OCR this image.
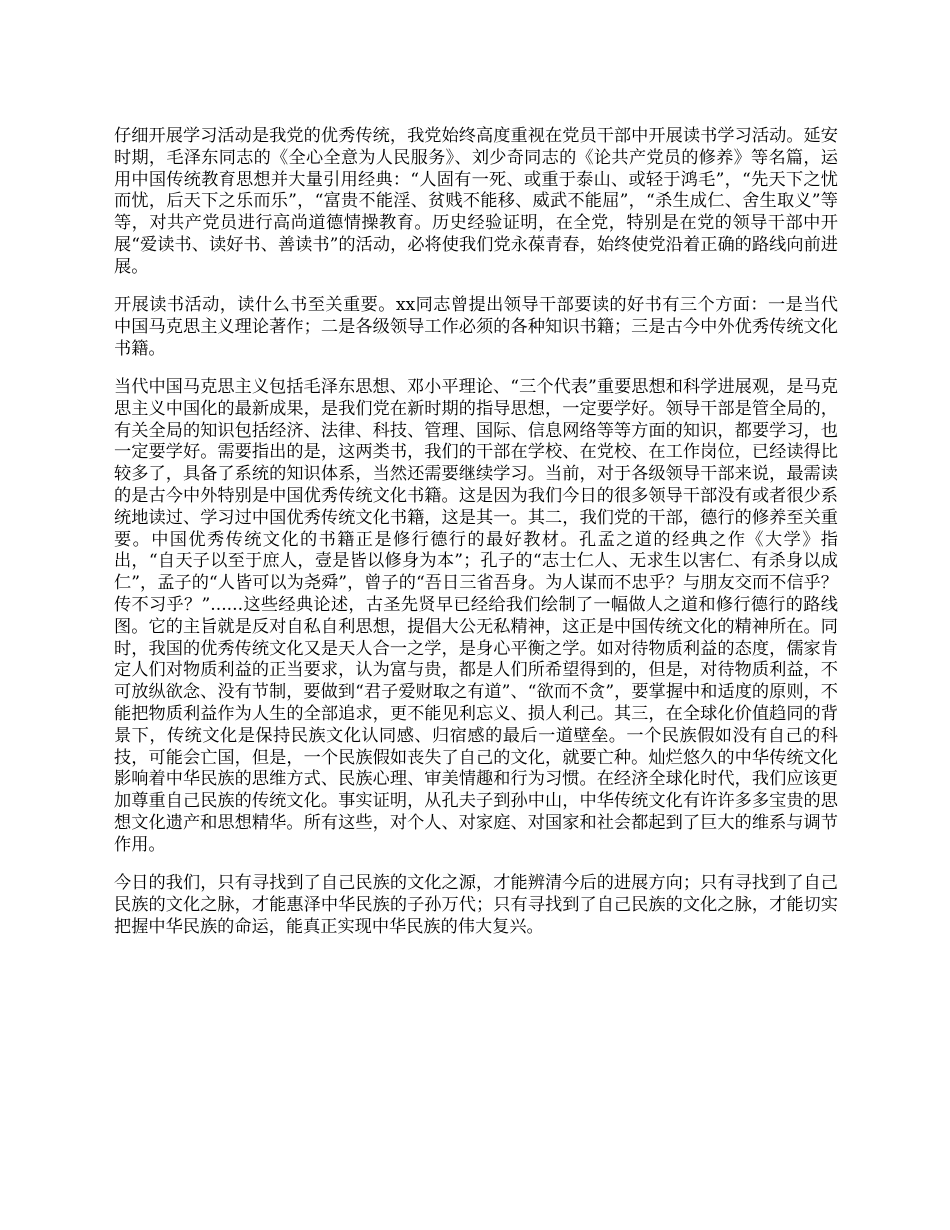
仔细开展学习活动是我党的优秀传统，我党始终高度重视在党员干部中开展读书学习活动。延安时期，毛泽东同志的《全心全意为人民服务》、刘少奇同志的《论共产党员的修养》等名篇，运用中国传统教育思想并大量引用经典：“人固有一死、或重于泰山、或轻于鸿毛”，“先天下之忧而忧，后天下之乐而乐”，“富贵不能淫、贫贱不能移、威武不能屈”，“杀生成仁、舍生取义”等等，对共产党员进行高尚道德情操教育。历史经验证明，在全党，特别是在党的领导干部中开展“爱读书、读好书、善读书”的活动，必将使我们党永葆青春，始终使党沿着正确的路线向前进展。

开展读书活动，读什么书至关重要。xx同志曾提出领导干部要读的好书有三个方面：一是当代中国马克思主义理论著作；二是各级领导工作必须的各种知识书籍；三是古今中外优秀传统文化书籍。

当代中国马克思主义包括毛泽东思想、邓小平理论、“三个代表”重要思想和科学进展观，是马克思主义中国化的最新成果，是我们党在新时期的指导思想，一定要学好。领导干部是管全局的，有关全局的知识包括经济、法律、科技、管理、国际、信息网络等等方面的知识，都要学习，也一定要学好。需要指出的是，这两类书，我们的干部在学校、在党校、在工作岗位，已经读得比较多了，具备了系统的知识体系，当然还需要继续学习。当前，对于各级领导干部来说，最需读的是古今中外特别是中国优秀传统文化书籍。这是因为我们今日的很多领导干部没有或者很少系统地读过、学习过中国优秀传统文化书籍，这是其一。其二，我们党的干部，德行的修养至关重要。中国优秀传统文化的书籍正是修行德行的最好教材。孔孟之道的经典之作《大学》指出，“自天子以至于庶人，壹是皆以修身为本”；孔子的“志士仁人、无求生以害仁、有杀身以成仁”，孟子的“人皆可以为尧舜”，曾子的“吾日三省吾身。为人谋而不忠乎？与朋友交而不信乎？传不习乎？”......这些经典论述，古圣先贤早已经给我们绘制了一幅做人之道和修行德行的路线图。它的主旨就是反对自私自利思想，提倡大公无私精神，这正是中国传统文化的精神所在。同时，我国的优秀传统文化又是天人合一之学，是身心平衡之学。如对待物质利益的态度，儒家肯定人们对物质利益的正当要求，认为富与贵，都是人们所希望得到的，但是，对待物质利益，不可放纵欲念、没有节制，要做到“君子爱财取之有道”、“欲而不贪”，要掌握中和适度的原则，不能把物质利益作为人生的全部追求，更不能见利忘义、损人利己。其三，在全球化价值趋同的背景下，传统文化是保持民族文化认同感、归宿感的最后一道壁垒。一个民族假如没有自己的科技，可能会亡国，但是，一个民族假如丧失了自己的文化，就要亡种。灿烂悠久的中华传统文化影响着中华民族的思维方式、民族心理、审美情趣和行为习惯。在经济全球化时代，我们应该更加尊重自己民族的传统文化。事实证明，从孔夫子到孙中山，中华传统文化有许许多多宝贵的思想文化遗产和思想精华。所有这些，对个人、对家庭、对国家和社会都起到了巨大的维系与调节作用。

今日的我们，只有寻找到了自己民族的文化之源，才能辨清今后的进展方向；只有寻找到了自己民族的文化之脉，才能惠泽中华民族的子孙万代；只有寻找到了自己民族的文化之脉，才能切实把握中华民族的命运，能真正实现中华民族的伟大复兴。
